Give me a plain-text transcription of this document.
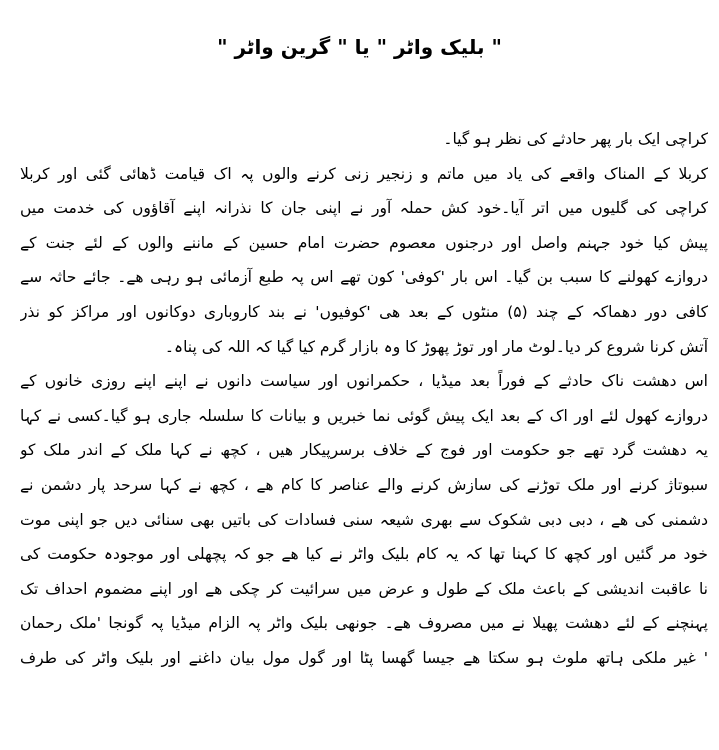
" بلیک واٹر " یا " گرین واٹر "
کراچی ایک بار پھر حادثے کی نظر ہو گیا۔
کربلا کے المناک واقعے کی یاد میں ماتم و زنجیر زنی کرنے والوں پہ اک قیامت ڈھائی گئی اور کربلا
کراچی کی گلیوں میں اتر آیا۔خود کش حملہ آور نے اپنی جان کا نذرانہ اپنے آقاؤوں کی خدمت میں
پیش کیا خود جہنم واصل اور درجنوں معصوم حضرت امام حسین کے ماننے والوں کے لئے جنت کے
دروازے کھولنے کا سبب بن گیا۔ اس بار 'کوفی' کون تھے اس پہ طبع آزمائی ہو رہی ھے۔ جائے حاثہ سے
کافی دور دھماکہ کے چند (۵) منٹوں کے بعد ھی 'کوفیوں' نے بند کاروباری دوکانوں اور مراکز کو نذر
آتش کرنا شروع کر دیا۔لوٹ مار اور توڑ پھوڑ کا وہ بازار گرم کیا گیا کہ اللہ کی پناہ۔
اس دھشت ناک حادثے کے فوراً بعد میڈیا ، حکمرانوں اور سیاست دانوں نے اپنے اپنے روزی خانوں کے
دروازے کھول لئے اور اک کے بعد ایک پیش گوئی نما خبریں و بیانات کا سلسلہ جاری ہو گیا۔کسی نے کہا
یہ دھشت گرد تھے جو حکومت اور فوج کے خلاف برسرپیکار ھیں ، کچھ نے کہا ملک کے اندر ملک کو
سبوتاژ کرنے اور ملک توڑنے کی سازش کرنے والے عناصر کا کام ھے ، کچھ نے کہا سرحد پار دشمن نے
دشمنی کی ھے ، دبی دبی شکوک سے بھری شیعہ سنی فسادات کی باتیں بھی سنائی دیں جو اپنی موت
خود مر گئیں اور کچھ کا کہنا تھا کہ یہ کام بلیک واٹر نے کیا ھے جو کہ پچھلی اور موجودہ حکومت کی
نا عاقبت اندیشی کے باعث ملک کے طول و عرض میں سرائیت کر چکی ھے اور اپنے مضموم احداف تک
پہنچنے کے لئے دھشت پھیلا نے میں مصروف ھے۔ جونھی بلیک واٹر پہ الزام میڈیا پہ گونجا 'ملک رحمان
' غیر ملکی ہاتھ ملوث ہو سکتا ھے جیسا گھسا پٹا اور گول مول بیان داغنے اور بلیک واٹر کی طرف
